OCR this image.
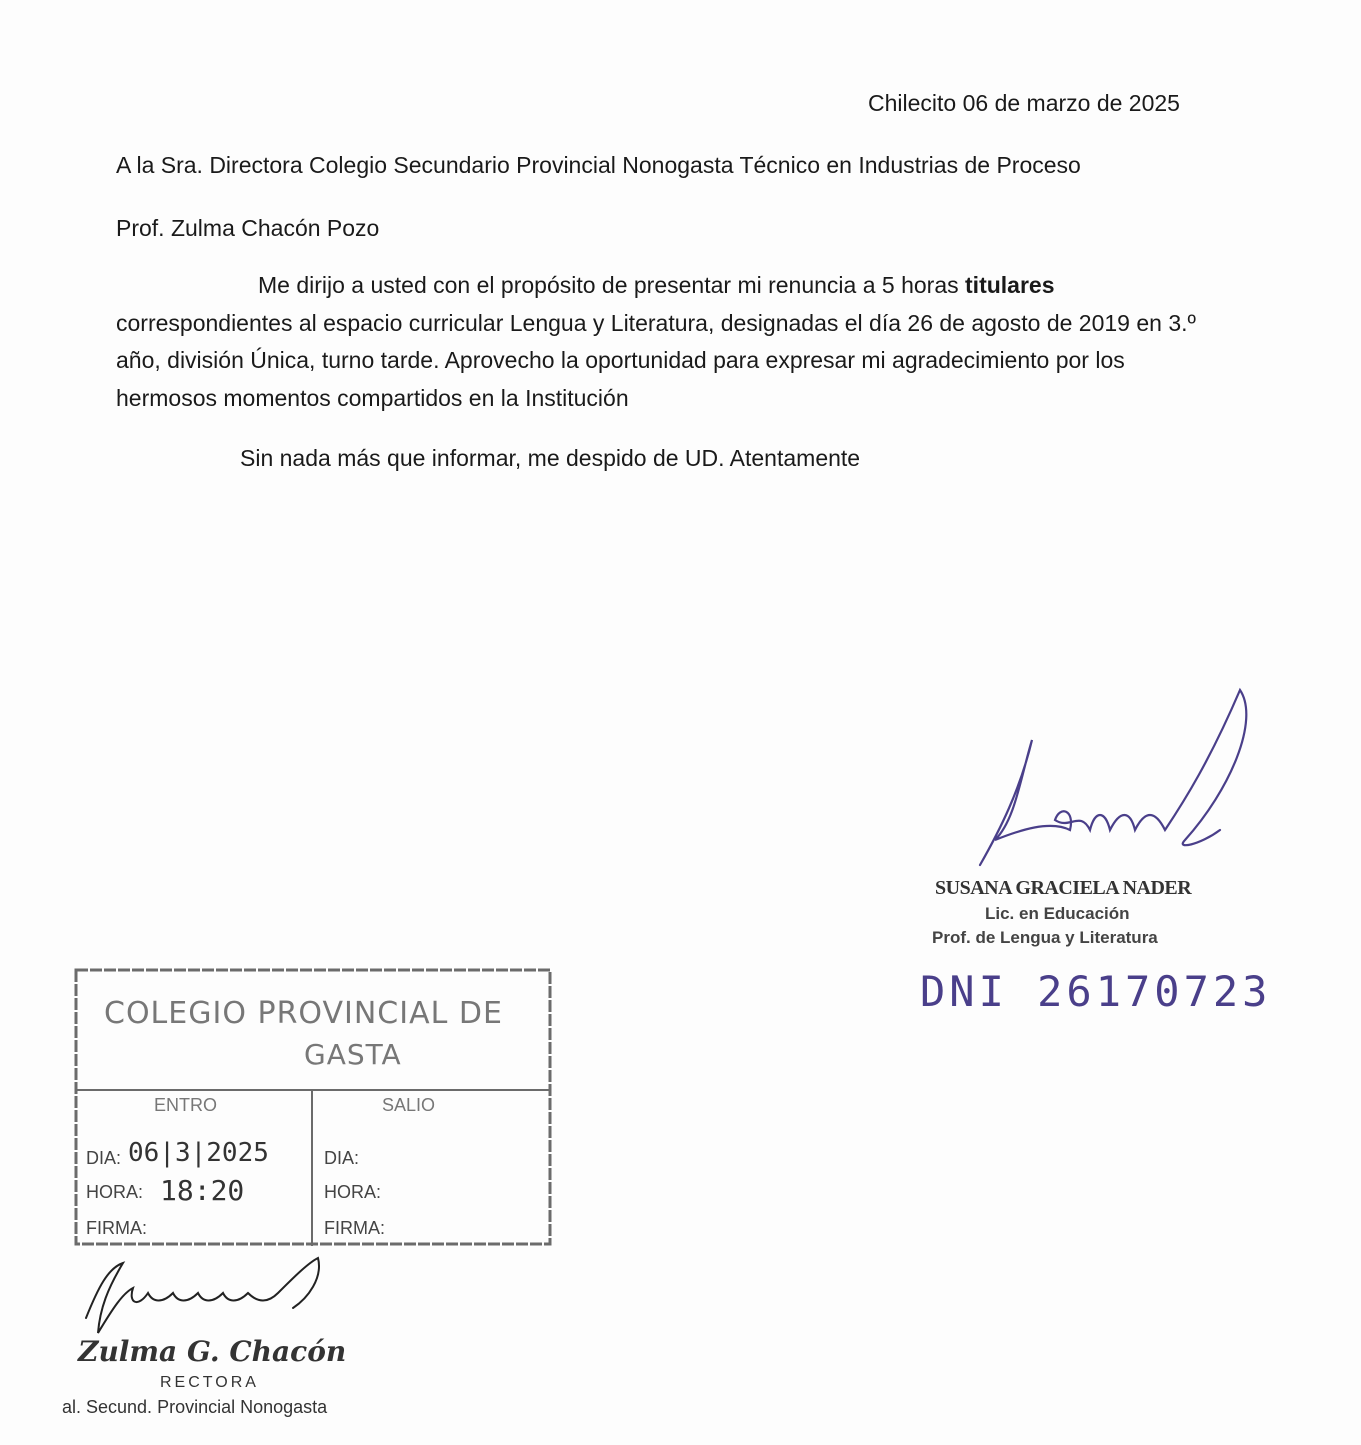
Chilecito 06 de marzo de 2025
A la Sra. Directora Colegio Secundario Provincial Nonogasta Técnico en Industrias de Proceso
Prof. Zulma Chacón Pozo
Me dirijo a usted con el propósito de presentar mi renuncia a 5 horas titulares correspondientes al espacio curricular Lengua y Literatura, designadas el día 26 de agosto de 2019 en 3.º año, división Única, turno tarde. Aprovecho la oportunidad para expresar mi agradecimiento por los hermosos momentos compartidos en la Institución
Sin nada más que informar, me despido de UD. Atentamente
SUSANA GRACIELA NADER
Lic. en Educación
Prof. de Lengua y Literatura
DNI 26170723
COLEGIO PROVINCIAL DE
GASTA
ENTRO	SALIO
DIA: 06|3|2025
HORA: 18:20
FIRMA:
DIA:
HORA:
FIRMA:
Zulma G. Chacón
RECTORA
al. Secund. Provincial Nonogasta
